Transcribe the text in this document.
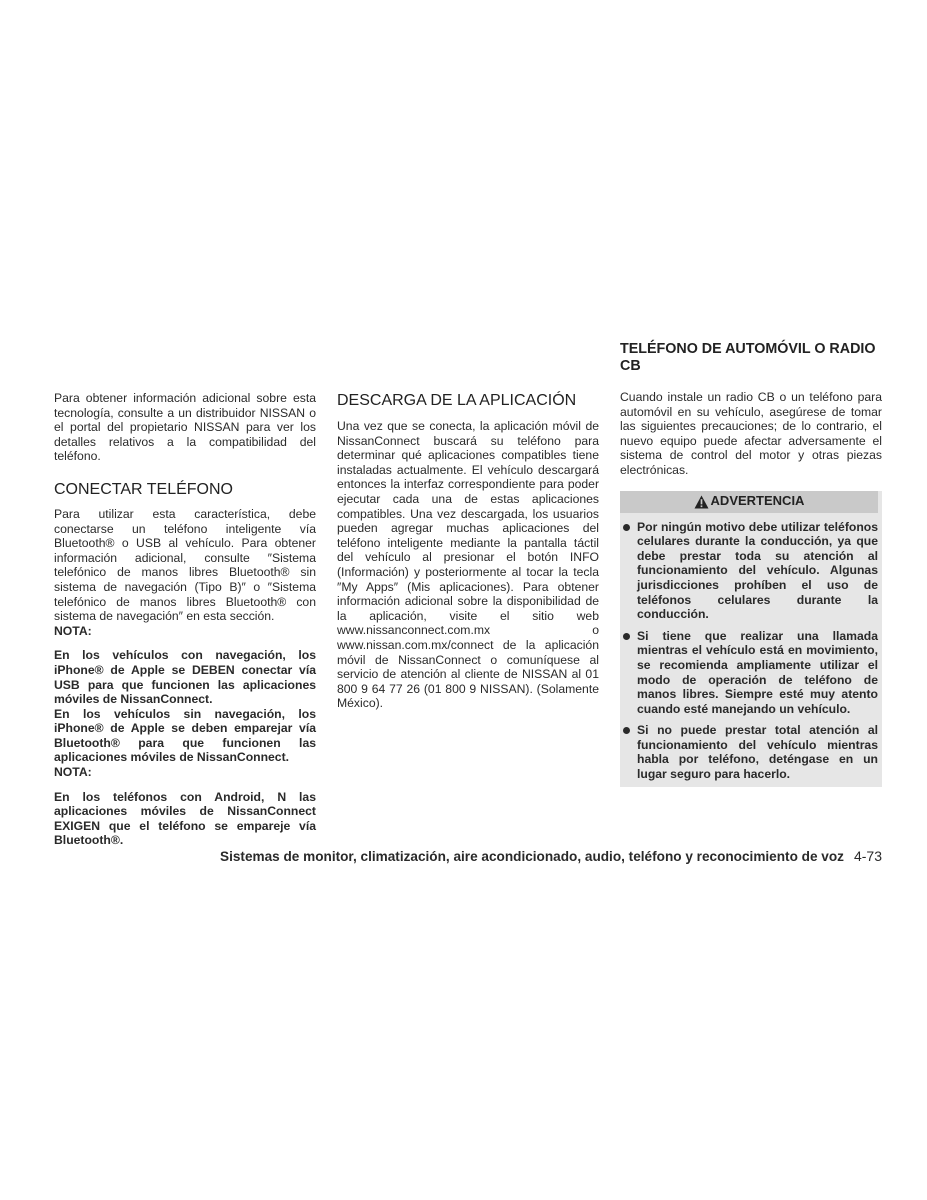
Para obtener información adicional sobre esta tecnología, consulte a un distribuidor NISSAN o el portal del propietario NISSAN para ver los detalles relativos a la compatibilidad del teléfono.

CONECTAR TELÉFONO

Para utilizar esta característica, debe conectarse un teléfono inteligente vía Bluetooth® o USB al vehículo. Para obtener información adicional, consulte ″Sistema telefónico de manos libres Bluetooth® sin sistema de navegación (Tipo B)″ o ″Sistema telefónico de manos libres Bluetooth® con sistema de navegación″ en esta sección.

NOTA:

En los vehículos con navegación, los iPhone® de Apple se DEBEN conectar vía USB para que funcionen las aplicaciones móviles de NissanConnect.

En los vehículos sin navegación, los iPhone® de Apple se deben emparejar vía Bluetooth® para que funcionen las aplicaciones móviles de NissanConnect.

NOTA:

En los teléfonos con Android, N las aplicaciones móviles de NissanConnect EXIGEN que el teléfono se empareje vía Bluetooth®.

DESCARGA DE LA APLICACIÓN

Una vez que se conecta, la aplicación móvil de NissanConnect buscará su teléfono para determinar qué aplicaciones compatibles tiene instaladas actualmente. El vehículo descargará entonces la interfaz correspondiente para poder ejecutar cada una de estas aplicaciones compatibles. Una vez descargada, los usuarios pueden agregar muchas aplicaciones del teléfono inteligente mediante la pantalla táctil del vehículo al presionar el botón INFO (Información) y posteriormente al tocar la tecla ″My Apps″ (Mis aplicaciones). Para obtener información adicional sobre la disponibilidad de la aplicación, visite el sitio web www.nissanconnect.com.mx o www.nissan.com.mx/connect de la aplicación móvil de NissanConnect o comuníquese al servicio de atención al cliente de NISSAN al 01 800 9 64 77 26 (01 800 9 NISSAN). (Solamente México).

TELÉFONO DE AUTOMÓVIL O RADIO CB

Cuando instale un radio CB o un teléfono para automóvil en su vehículo, asegúrese de tomar las siguientes precauciones; de lo contrario, el nuevo equipo puede afectar adversamente el sistema de control del motor y otras piezas electrónicas.

ADVERTENCIA
Por ningún motivo debe utilizar teléfonos celulares durante la conducción, ya que debe prestar toda su atención al funcionamiento del vehículo. Algunas jurisdicciones prohíben el uso de teléfonos celulares durante la conducción.
Si tiene que realizar una llamada mientras el vehículo está en movimiento, se recomienda ampliamente utilizar el modo de operación de teléfono de manos libres. Siempre esté muy atento cuando esté manejando un vehículo.
Si no puede prestar total atención al funcionamiento del vehículo mientras habla por teléfono, deténgase en un lugar seguro para hacerlo.
Sistemas de monitor, climatización, aire acondicionado, audio, teléfono y reconocimiento de voz 4-73
